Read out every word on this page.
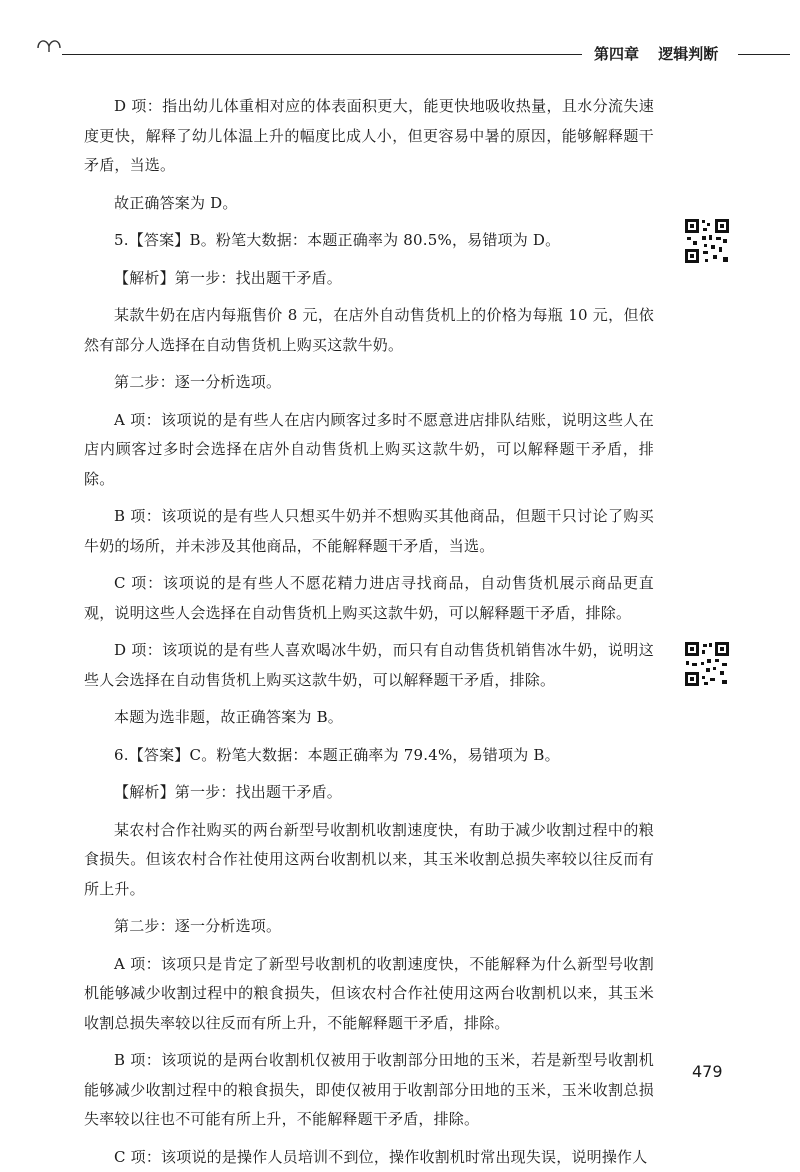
第四章 逻辑判断

D 项：指出幼儿体重相对应的体表面积更大，能更快地吸收热量，且水分流失速度更快，解释了幼儿体温上升的幅度比成人小，但更容易中暑的原因，能够解释题干矛盾，当选。

故正确答案为 D。

5.【答案】B。粉笔大数据：本题正确率为 80.5%，易错项为 D。

【解析】第一步：找出题干矛盾。

某款牛奶在店内每瓶售价 8 元，在店外自动售货机上的价格为每瓶 10 元，但依然有部分人选择在自动售货机上购买这款牛奶。

第二步：逐一分析选项。

A 项：该项说的是有些人在店内顾客过多时不愿意进店排队结账，说明这些人在店内顾客过多时会选择在店外自动售货机上购买这款牛奶，可以解释题干矛盾，排除。

B 项：该项说的是有些人只想买牛奶并不想购买其他商品，但题干只讨论了购买牛奶的场所，并未涉及其他商品，不能解释题干矛盾，当选。

C 项：该项说的是有些人不愿花精力进店寻找商品，自动售货机展示商品更直观，说明这些人会选择在自动售货机上购买这款牛奶，可以解释题干矛盾，排除。

D 项：该项说的是有些人喜欢喝冰牛奶，而只有自动售货机销售冰牛奶，说明这些人会选择在自动售货机上购买这款牛奶，可以解释题干矛盾，排除。

本题为选非题，故正确答案为 B。

6.【答案】C。粉笔大数据：本题正确率为 79.4%，易错项为 B。

【解析】第一步：找出题干矛盾。

某农村合作社购买的两台新型号收割机收割速度快，有助于减少收割过程中的粮食损失。但该农村合作社使用这两台收割机以来，其玉米收割总损失率较以往反而有所上升。

第二步：逐一分析选项。

A 项：该项只是肯定了新型号收割机的收割速度快，不能解释为什么新型号收割机能够减少收割过程中的粮食损失，但该农村合作社使用这两台收割机以来，其玉米收割总损失率较以往反而有所上升，不能解释题干矛盾，排除。

B 项：该项说的是两台收割机仅被用于收割部分田地的玉米，若是新型号收割机能够减少收割过程中的粮食损失，即使仅被用于收割部分田地的玉米，玉米收割总损失率较以往也不可能有所上升，不能解释题干矛盾，排除。

C 项：该项说的是操作人员培训不到位，操作收割机时常出现失误，说明操作人

479
